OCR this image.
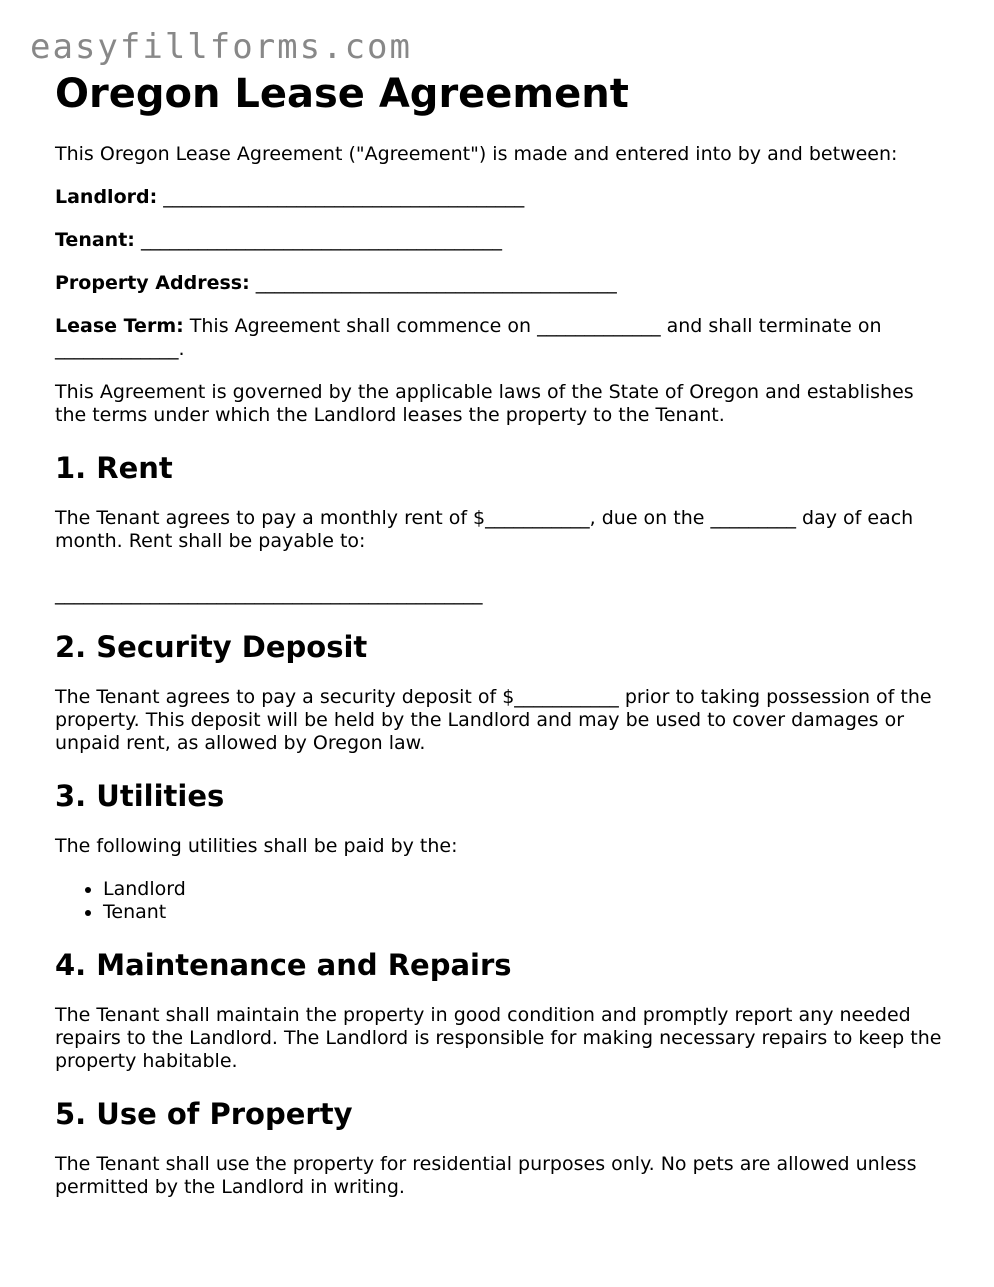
easyfillforms.com
Oregon Lease Agreement

This Oregon Lease Agreement ("Agreement") is made and entered into by and between:

Landlord: ______________________________________

Tenant: ______________________________________

Property Address: ______________________________________

Lease Term: This Agreement shall commence on _____________ and shall terminate on _____________.

This Agreement is governed by the applicable laws of the State of Oregon and establishes the terms under which the Landlord leases the property to the Tenant.

1. Rent

The Tenant agrees to pay a monthly rent of $___________, due on the _________ day of each month. Rent shall be payable to:

_____________________________________________

2. Security Deposit

The Tenant agrees to pay a security deposit of $___________ prior to taking possession of the property. This deposit will be held by the Landlord and may be used to cover damages or unpaid rent, as allowed by Oregon law.

3. Utilities

The following utilities shall be paid by the:

• Landlord
• Tenant
4. Maintenance and Repairs

The Tenant shall maintain the property in good condition and promptly report any needed repairs to the Landlord. The Landlord is responsible for making necessary repairs to keep the property habitable.

5. Use of Property

The Tenant shall use the property for residential purposes only. No pets are allowed unless permitted by the Landlord in writing.
